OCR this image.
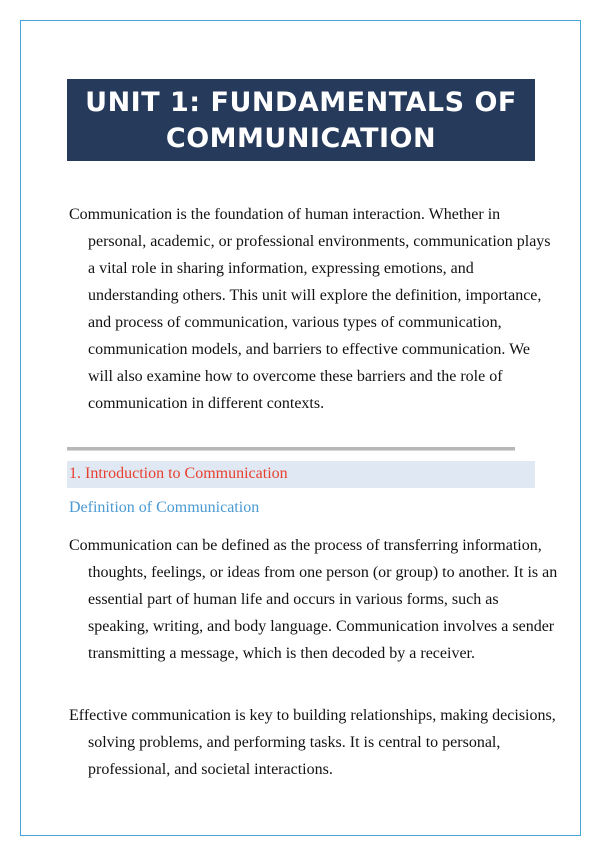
UNIT 1: FUNDAMENTALS OF
COMMUNICATION

Communication is the foundation of human interaction. Whether in personal, academic, or professional environments, communication plays a vital role in sharing information, expressing emotions, and understanding others. This unit will explore the definition, importance, and process of communication, various types of communication, communication models, and barriers to effective communication. We will also examine how to overcome these barriers and the role of communication in different contexts.

1. Introduction to Communication
Definition of Communication

Communication can be defined as the process of transferring information, thoughts, feelings, or ideas from one person (or group) to another. It is an essential part of human life and occurs in various forms, such as speaking, writing, and body language. Communication involves a sender transmitting a message, which is then decoded by a receiver.

Effective communication is key to building relationships, making decisions, solving problems, and performing tasks. It is central to personal, professional, and societal interactions.
